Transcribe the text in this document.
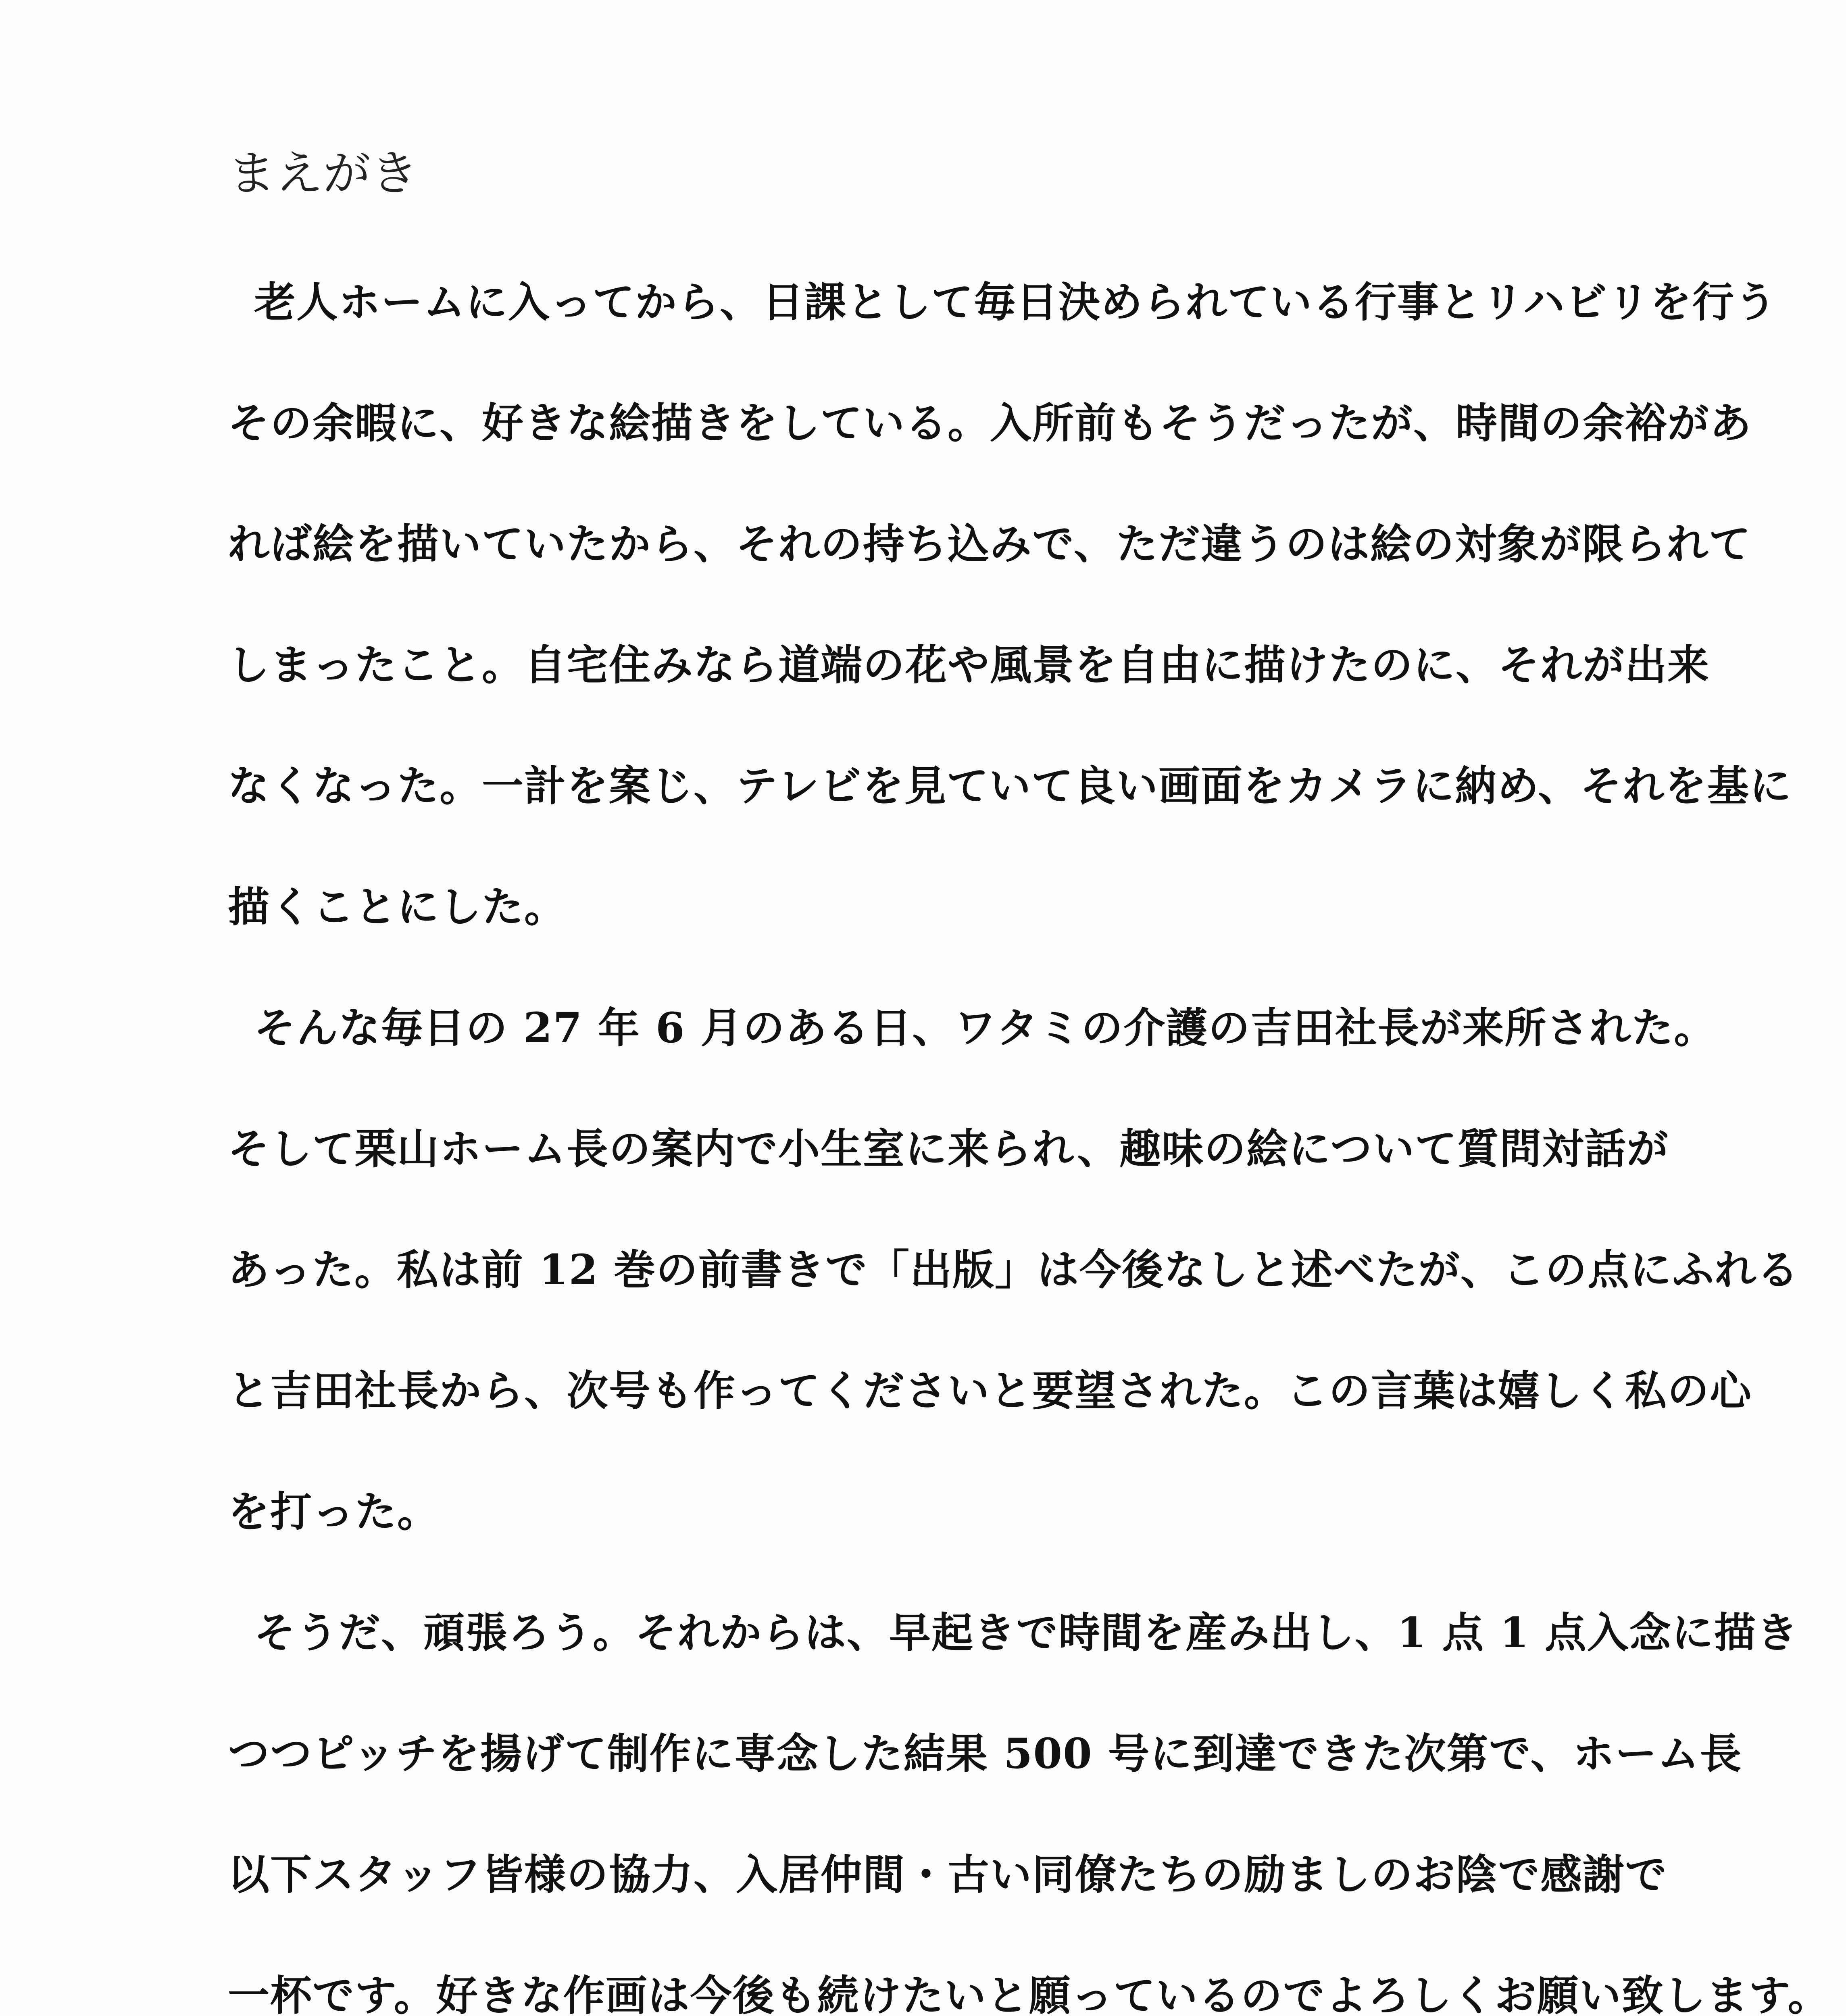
まえがき
老人ホームに入ってから、日課として毎日決められている行事とリハビリを行う
その余暇に、好きな絵描きをしている。入所前もそうだったが、時間の余裕があ
れば絵を描いていたから、それの持ち込みで、ただ違うのは絵の対象が限られて
しまったこと。自宅住みなら道端の花や風景を自由に描けたのに、それが出来
なくなった。一計を案じ、テレビを見ていて良い画面をカメラに納め、それを基に
描くことにした。
そんな毎日の 27 年 6 月のある日、ワタミの介護の吉田社長が来所された。
そして栗山ホーム長の案内で小生室に来られ、趣味の絵について質問対話が
あった。私は前 12 巻の前書きで「出版」は今後なしと述べたが、この点にふれる
と吉田社長から、次号も作ってくださいと要望された。この言葉は嬉しく私の心
を打った。
そうだ、頑張ろう。それからは、早起きで時間を産み出し、1 点 1 点入念に描き
つつピッチを揚げて制作に専念した結果 500 号に到達できた次第で、ホーム長
以下スタッフ皆様の協力、入居仲間・古い同僚たちの励ましのお陰で感謝で
一杯です。好きな作画は今後も続けたいと願っているのでよろしくお願い致します。
